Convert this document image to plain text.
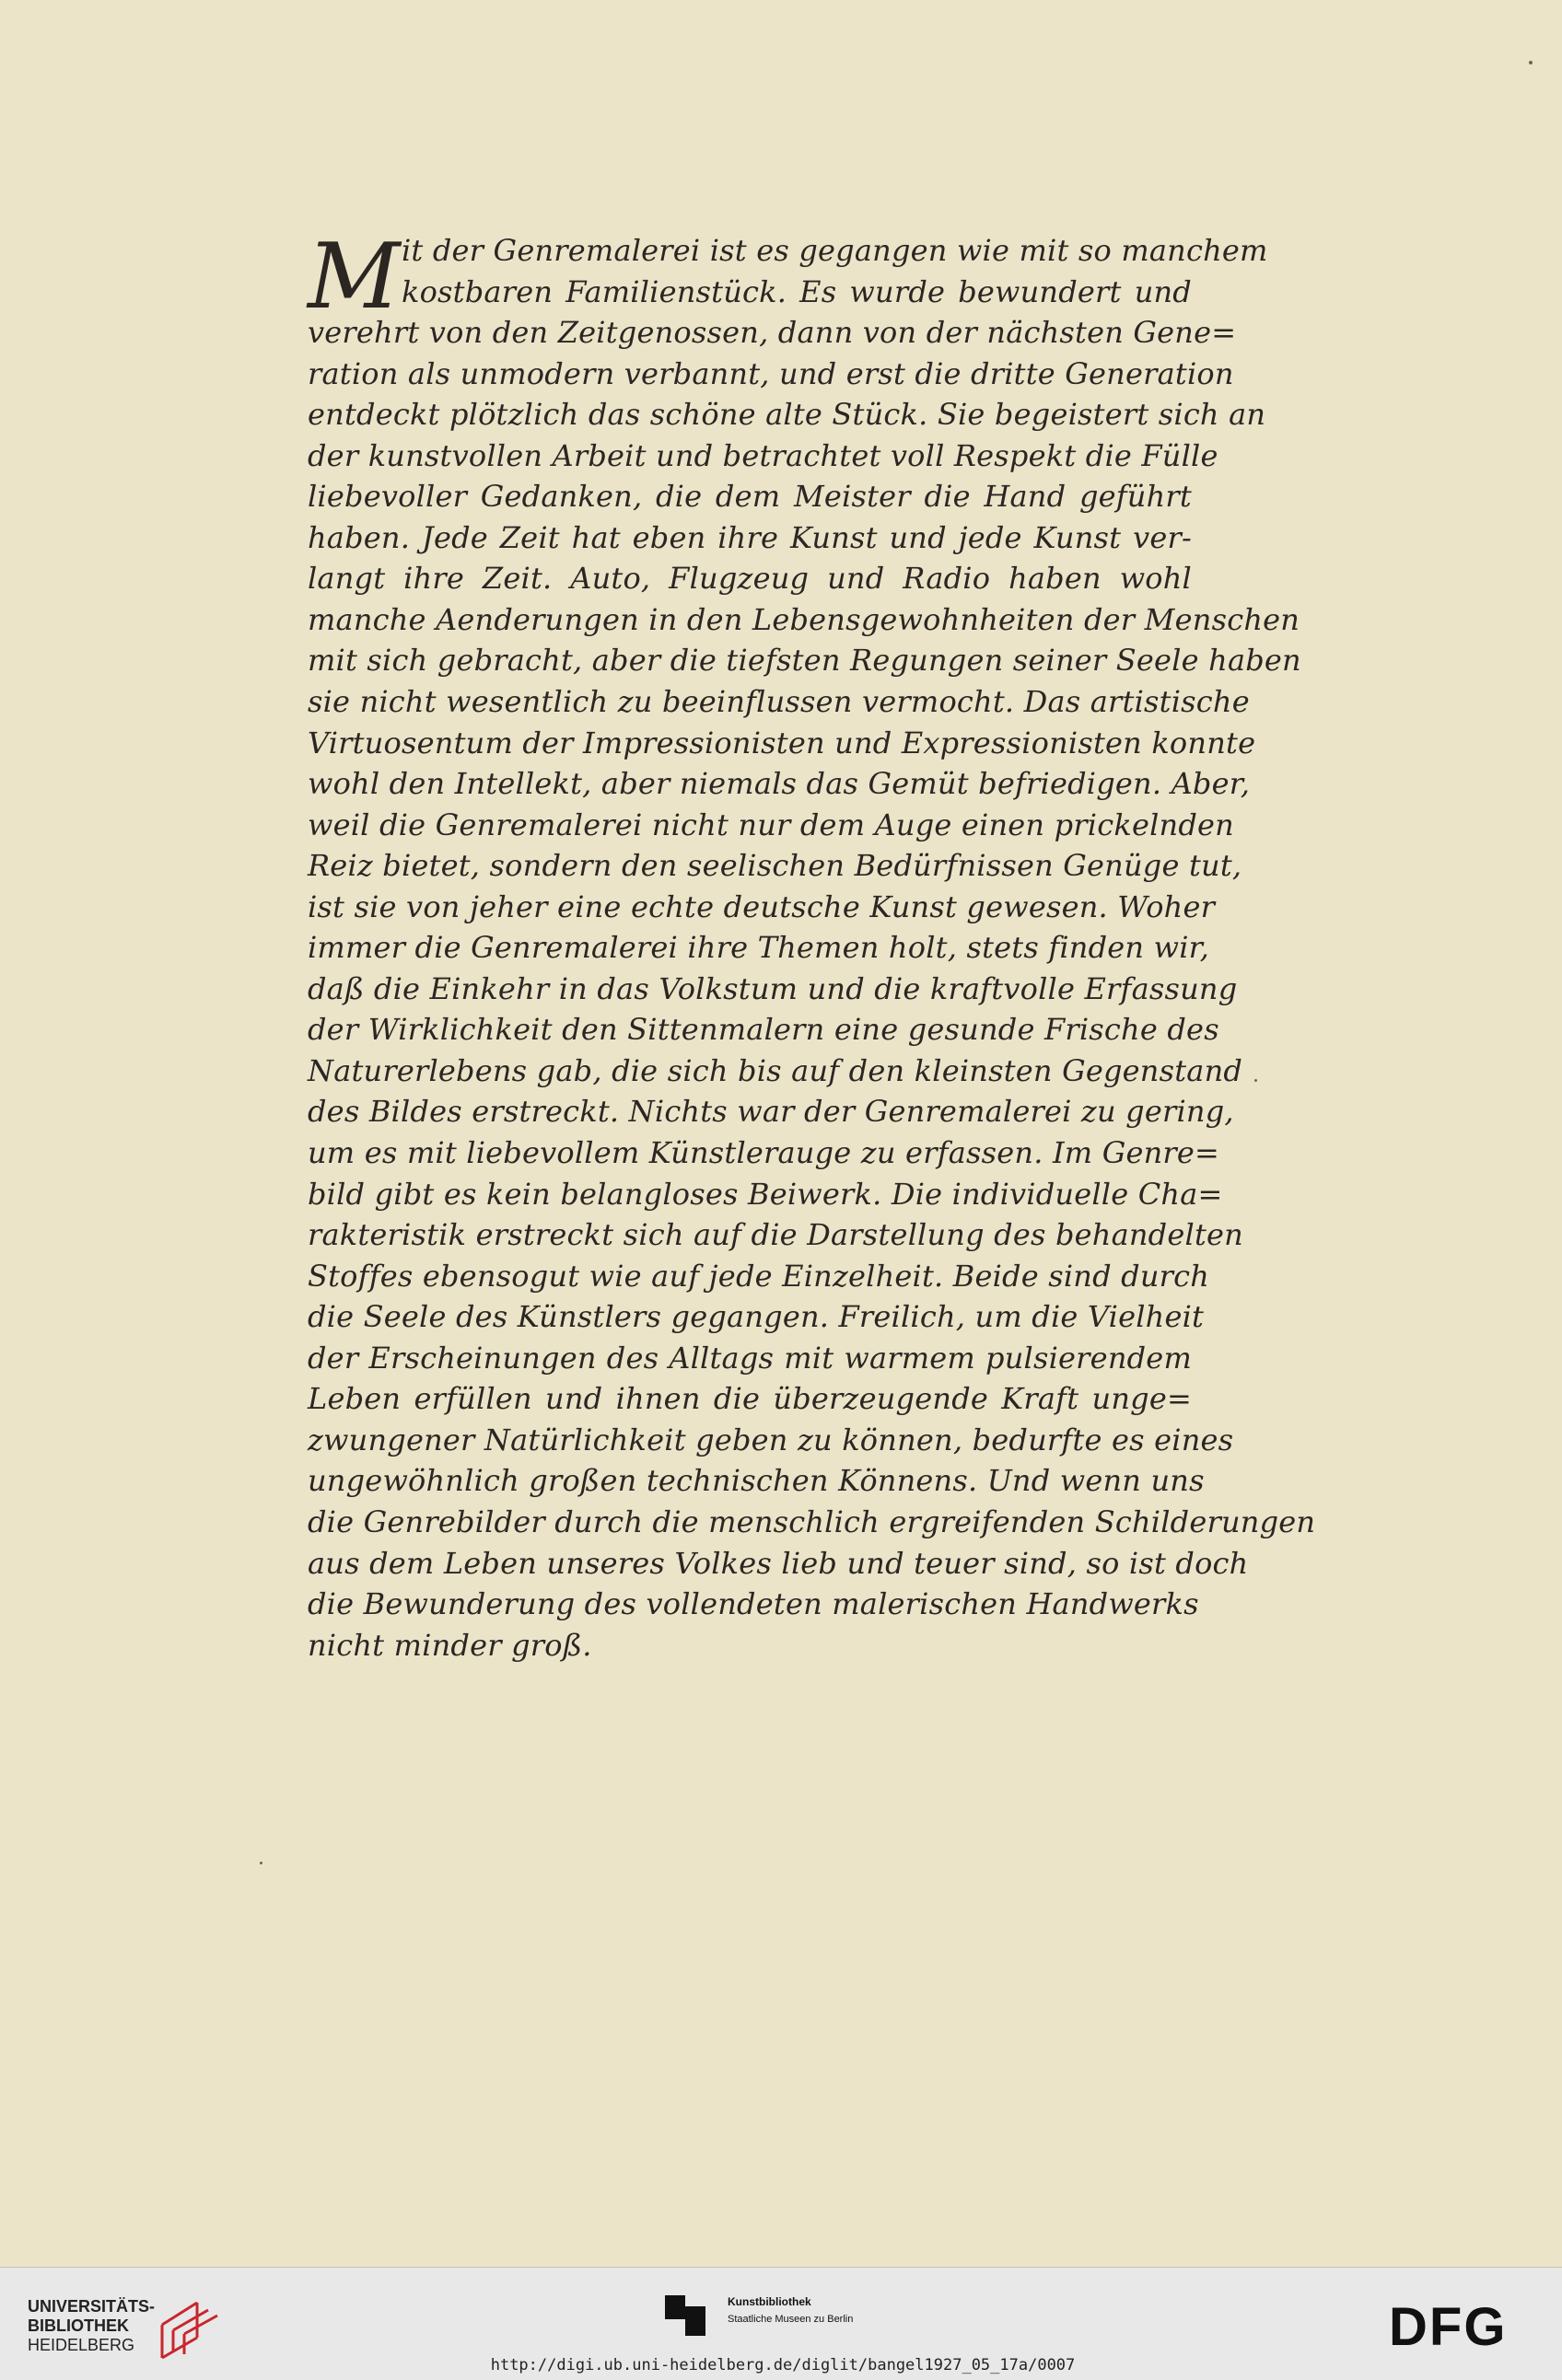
M it der Genremalerei ist es gegangen wie mit so manchem
kostbaren Familienstück. Es wurde bewundert und
verehrt von den Zeitgenossen, dann von der nächsten Gene=
ration als unmodern verbannt, und erst die dritte Generation
entdeckt plötzlich das schöne alte Stück. Sie begeistert sich an
der kunstvollen Arbeit und betrachtet voll Respekt die Fülle
liebevoller Gedanken, die dem Meister die Hand geführt
haben. Jede Zeit hat eben ihre Kunst und jede Kunst ver-
langt ihre Zeit. Auto, Flugzeug und Radio haben wohl
manche Aenderungen in den Lebensgewohnheiten der Menschen
mit sich gebracht, aber die tiefsten Regungen seiner Seele haben
sie nicht wesentlich zu beeinflussen vermocht. Das artistische
Virtuosentum der Impressionisten und Expressionisten konnte
wohl den Intellekt, aber niemals das Gemüt befriedigen. Aber,
weil die Genremalerei nicht nur dem Auge einen prickelnden
Reiz bietet, sondern den seelischen Bedürfnissen Genüge tut,
ist sie von jeher eine echte deutsche Kunst gewesen. Woher
immer die Genremalerei ihre Themen holt, stets finden wir,
daß die Einkehr in das Volkstum und die kraftvolle Erfassung
der Wirklichkeit den Sittenmalern eine gesunde Frische des
Naturerlebens gab, die sich bis auf den kleinsten Gegenstand
des Bildes erstreckt. Nichts war der Genremalerei zu gering,
um es mit liebevollem Künstlerauge zu erfassen. Im Genre=
bild gibt es kein belangloses Beiwerk. Die individuelle Cha=
rakteristik erstreckt sich auf die Darstellung des behandelten
Stoffes ebensogut wie auf jede Einzelheit. Beide sind durch
die Seele des Künstlers gegangen. Freilich, um die Vielheit
der Erscheinungen des Alltags mit warmem pulsierendem
Leben erfüllen und ihnen die überzeugende Kraft unge=
zwungener Natürlichkeit geben zu können, bedurfte es eines
ungewöhnlich großen technischen Könnens. Und wenn uns
die Genrebilder durch die menschlich ergreifenden Schilderungen
aus dem Leben unseres Volkes lieb und teuer sind, so ist doch
die Bewunderung des vollendeten malerischen Handwerks
nicht minder groß.
UNIVERSITÄTS-
BIBLIOTHEK
HEIDELBERG
Kunstbibliothek
Staatliche Museen zu Berlin	DFG
http://digi.ub.uni-heidelberg.de/diglit/bangel1927_05_17a/0007
